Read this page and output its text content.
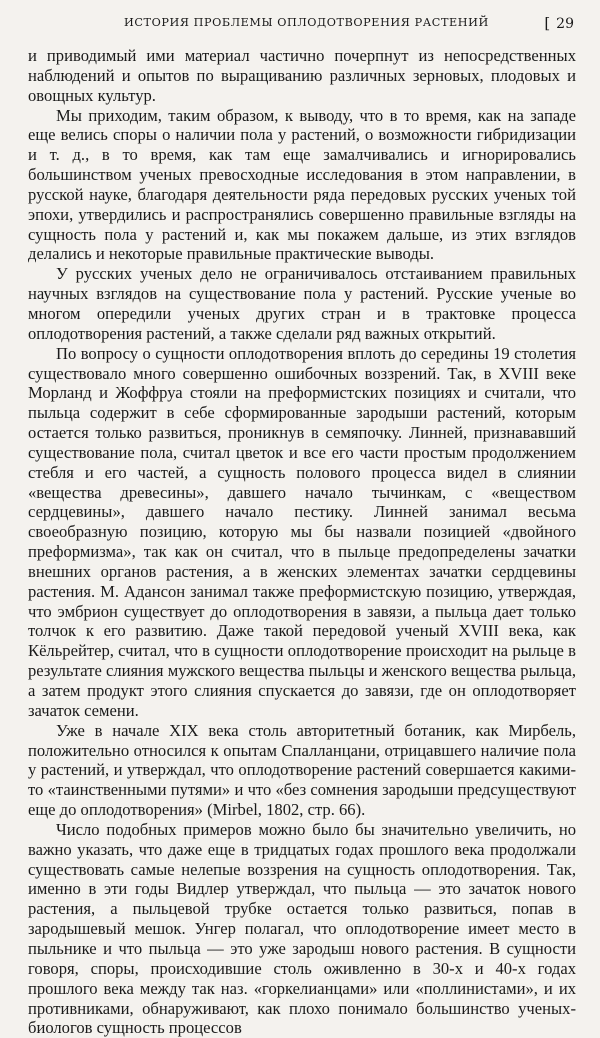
ИСТОРИЯ ПРОБЛЕМЫ ОПЛОДОТВОРЕНИЯ РАСТЕНИЙ	[ 29

и приводимый ими материал частично почерпнут из непосредственных наблюдений и опытов по выращиванию различных зерновых, плодовых и овощных культур.

Мы приходим, таким образом, к выводу, что в то время, как на западе еще велись споры о наличии пола у растений, о возможности гибридизации и т. д., в то время, как там еще замалчивались и игнорировались большинством ученых превосходные исследования в этом направлении, в русской науке, благодаря деятельности ряда передовых русских ученых той эпохи, утвердились и распространялись совершенно правильные взгляды на сущность пола у растений и, как мы покажем дальше, из этих взглядов делались и некоторые правильные практические выводы.

У русских ученых дело не ограничивалось отстаиванием правильных научных взглядов на существование пола у растений. Русские ученые во многом опередили ученых других стран и в трактовке процесса оплодотворения растений, а также сделали ряд важных открытий.

По вопросу о сущности оплодотворения вплоть до середины 19 столетия существовало много совершенно ошибочных воззрений. Так, в XVIII веке Морланд и Жоффруа стояли на преформистских позициях и считали, что пыльца содержит в себе сформированные зародыши растений, которым остается только развиться, проникнув в семяпочку. Линней, признававший существование пола, считал цветок и все его части простым продолжением стебля и его частей, а сущность полового процесса видел в слиянии «вещества древесины», давшего начало тычинкам, с «веществом сердцевины», давшего начало пестику. Линней занимал весьма своеобразную позицию, которую мы бы назвали позицией «двойного преформизма», так как он считал, что в пыльце предопределены зачатки внешних органов растения, а в женских элементах зачатки сердцевины растения. М. Адансон занимал также преформистскую позицию, утверждая, что эмбрион существует до оплодотворения в завязи, а пыльца дает только толчок к его развитию. Даже такой передовой ученый XVIII века, как Кёльрейтер, считал, что в сущности оплодотворение происходит на рыльце в результате слияния мужского вещества пыльцы и женского вещества рыльца, а затем продукт этого слияния спускается до завязи, где он оплодотворяет зачаток семени.

Уже в начале XIX века столь авторитетный ботаник, как Мирбель, положительно относился к опытам Спалланцани, отрицавшего наличие пола у растений, и утверждал, что оплодотворение растений совершается какими-то «таинственными путями» и что «без сомнения зародыши предсуществуют еще до оплодотворения» (Mirbel, 1802, стр. 66).

Число подобных примеров можно было бы значительно увеличить, но важно указать, что даже еще в тридцатых годах прошлого века продолжали существовать самые нелепые воззрения на сущность оплодотворения. Так, именно в эти годы Видлер утверждал, что пыльца — это зачаток нового растения, а пыльцевой трубке остается только развиться, попав в зародышевый мешок. Унгер полагал, что оплодотворение имеет место в пыльнике и что пыльца — это уже зародыш нового растения. В сущности говоря, споры, происходившие столь оживленно в 30-х и 40-х годах прошлого века между так наз. «горкелианцами» или «поллинистами», и их противниками, обнаруживают, как плохо понимало большинство ученых-биологов сущность процессов
